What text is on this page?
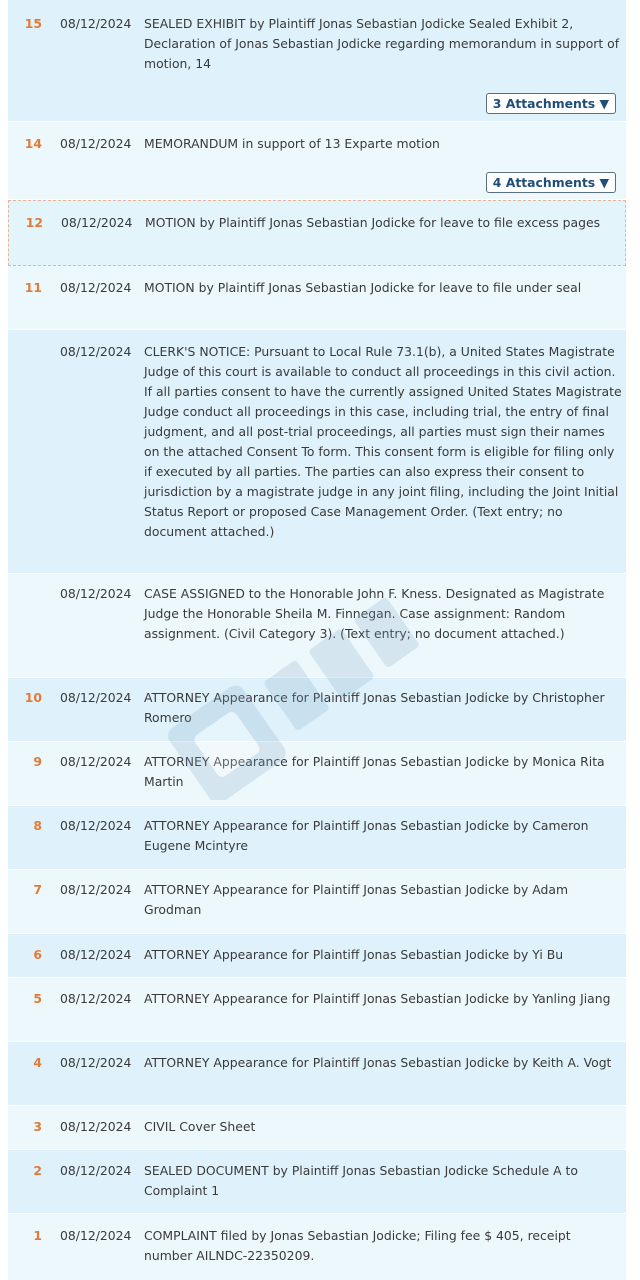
15 08/12/2024 SEALED EXHIBIT by Plaintiff Jonas Sebastian Jodicke Sealed Exhibit 2, Declaration of Jonas Sebastian Jodicke regarding memorandum in support of motion, 14
3 Attachments ▼
14 08/12/2024 MEMORANDUM in support of 13 Exparte motion
4 Attachments ▼
12 08/12/2024 MOTION by Plaintiff Jonas Sebastian Jodicke for leave to file excess pages
11 08/12/2024 MOTION by Plaintiff Jonas Sebastian Jodicke for leave to file under seal
08/12/2024 CLERK'S NOTICE: Pursuant to Local Rule 73.1(b), a United States Magistrate Judge of this court is available to conduct all proceedings in this civil action. If all parties consent to have the currently assigned United States Magistrate Judge conduct all proceedings in this case, including trial, the entry of final judgment, and all post-trial proceedings, all parties must sign their names on the attached Consent To form. This consent form is eligible for filing only if executed by all parties. The parties can also express their consent to jurisdiction by a magistrate judge in any joint filing, including the Joint Initial Status Report or proposed Case Management Order. (Text entry; no document attached.)
08/12/2024 CASE ASSIGNED to the Honorable John F. Kness. Designated as Magistrate Judge the Honorable Sheila M. Finnegan. Case assignment: Random assignment. (Civil Category 3). (Text entry; no document attached.)
10 08/12/2024 ATTORNEY Appearance for Plaintiff Jonas Sebastian Jodicke by Christopher Romero
9 08/12/2024 ATTORNEY Appearance for Plaintiff Jonas Sebastian Jodicke by Monica Rita Martin
8 08/12/2024 ATTORNEY Appearance for Plaintiff Jonas Sebastian Jodicke by Cameron Eugene Mcintyre
7 08/12/2024 ATTORNEY Appearance for Plaintiff Jonas Sebastian Jodicke by Adam Grodman
6 08/12/2024 ATTORNEY Appearance for Plaintiff Jonas Sebastian Jodicke by Yi Bu
5 08/12/2024 ATTORNEY Appearance for Plaintiff Jonas Sebastian Jodicke by Yanling Jiang
4 08/12/2024 ATTORNEY Appearance for Plaintiff Jonas Sebastian Jodicke by Keith A. Vogt
3 08/12/2024 CIVIL Cover Sheet
2 08/12/2024 SEALED DOCUMENT by Plaintiff Jonas Sebastian Jodicke Schedule A to Complaint 1
1 08/12/2024 COMPLAINT filed by Jonas Sebastian Jodicke; Filing fee $ 405, receipt number AILNDC-22350209.
